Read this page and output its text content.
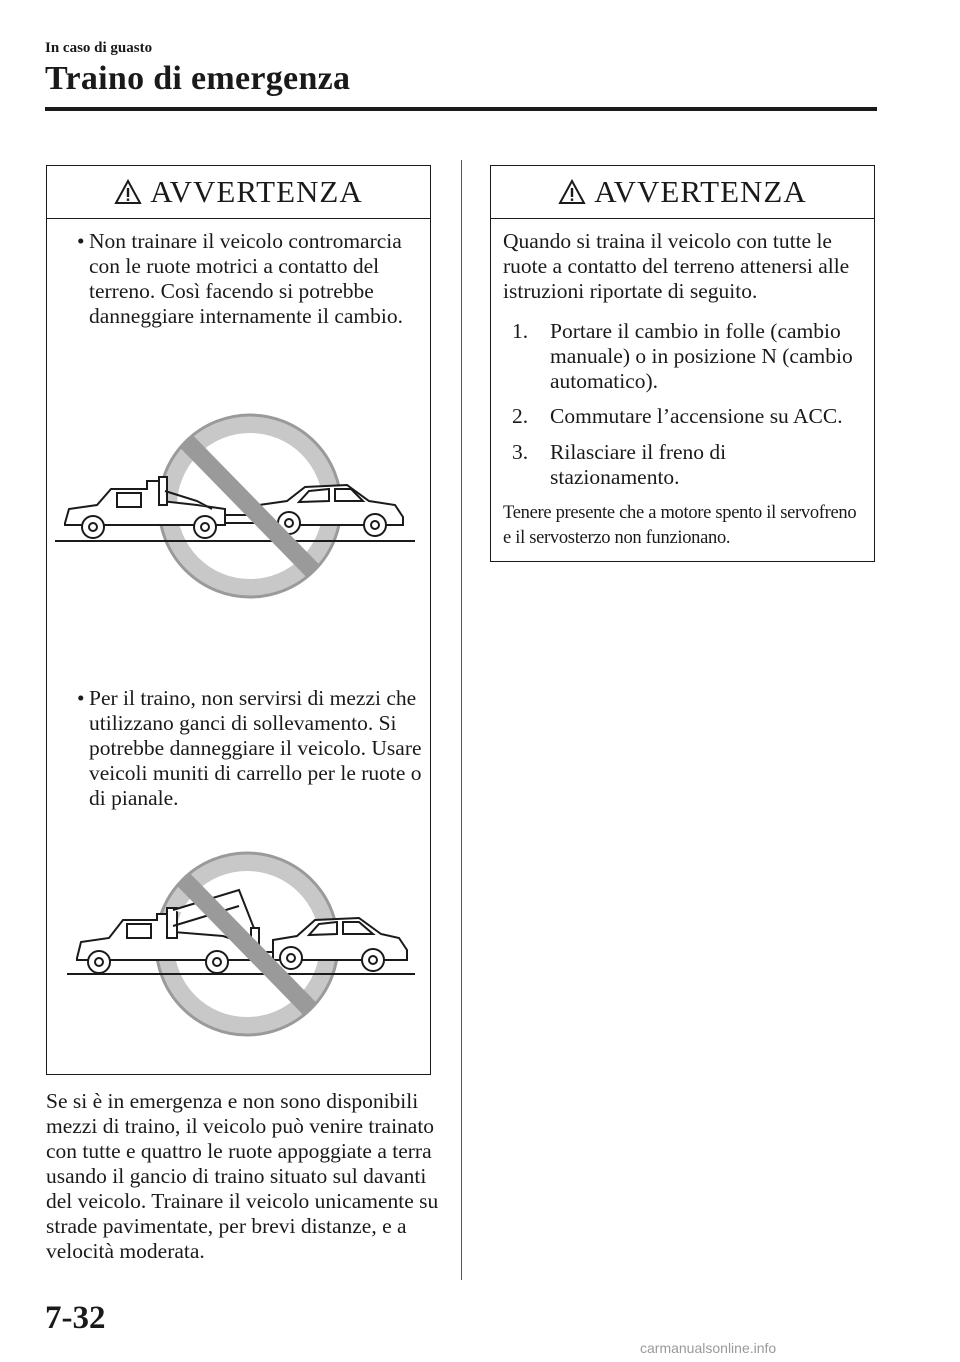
In caso di guasto
Traino di emergenza
AVVERTENZA
• Non trainare il veicolo contromarcia con le ruote motrici a contatto del terreno. Così facendo si potrebbe danneggiare internamente il cambio.
• Per il traino, non servirsi di mezzi che utilizzano ganci di sollevamento. Si potrebbe danneggiare il veicolo. Usare veicoli muniti di carrello per le ruote o di pianale.
Se si è in emergenza e non sono disponibili mezzi di traino, il veicolo può venire trainato con tutte e quattro le ruote appoggiate a terra usando il gancio di traino situato sul davanti del veicolo. Trainare il veicolo unicamente su strade pavimentate, per brevi distanze, e a velocità moderata.
AVVERTENZA
Quando si traina il veicolo con tutte le ruote a contatto del terreno attenersi alle istruzioni riportate di seguito.
1. Portare il cambio in folle (cambio manuale) o in posizione N (cambio automatico).
2. Commutare l’accensione su ACC.
3. Rilasciare il freno di stazionamento.
Tenere presente che a motore spento il servofreno e il servosterzo non funzionano.
7-32
carmanualsonline.info
